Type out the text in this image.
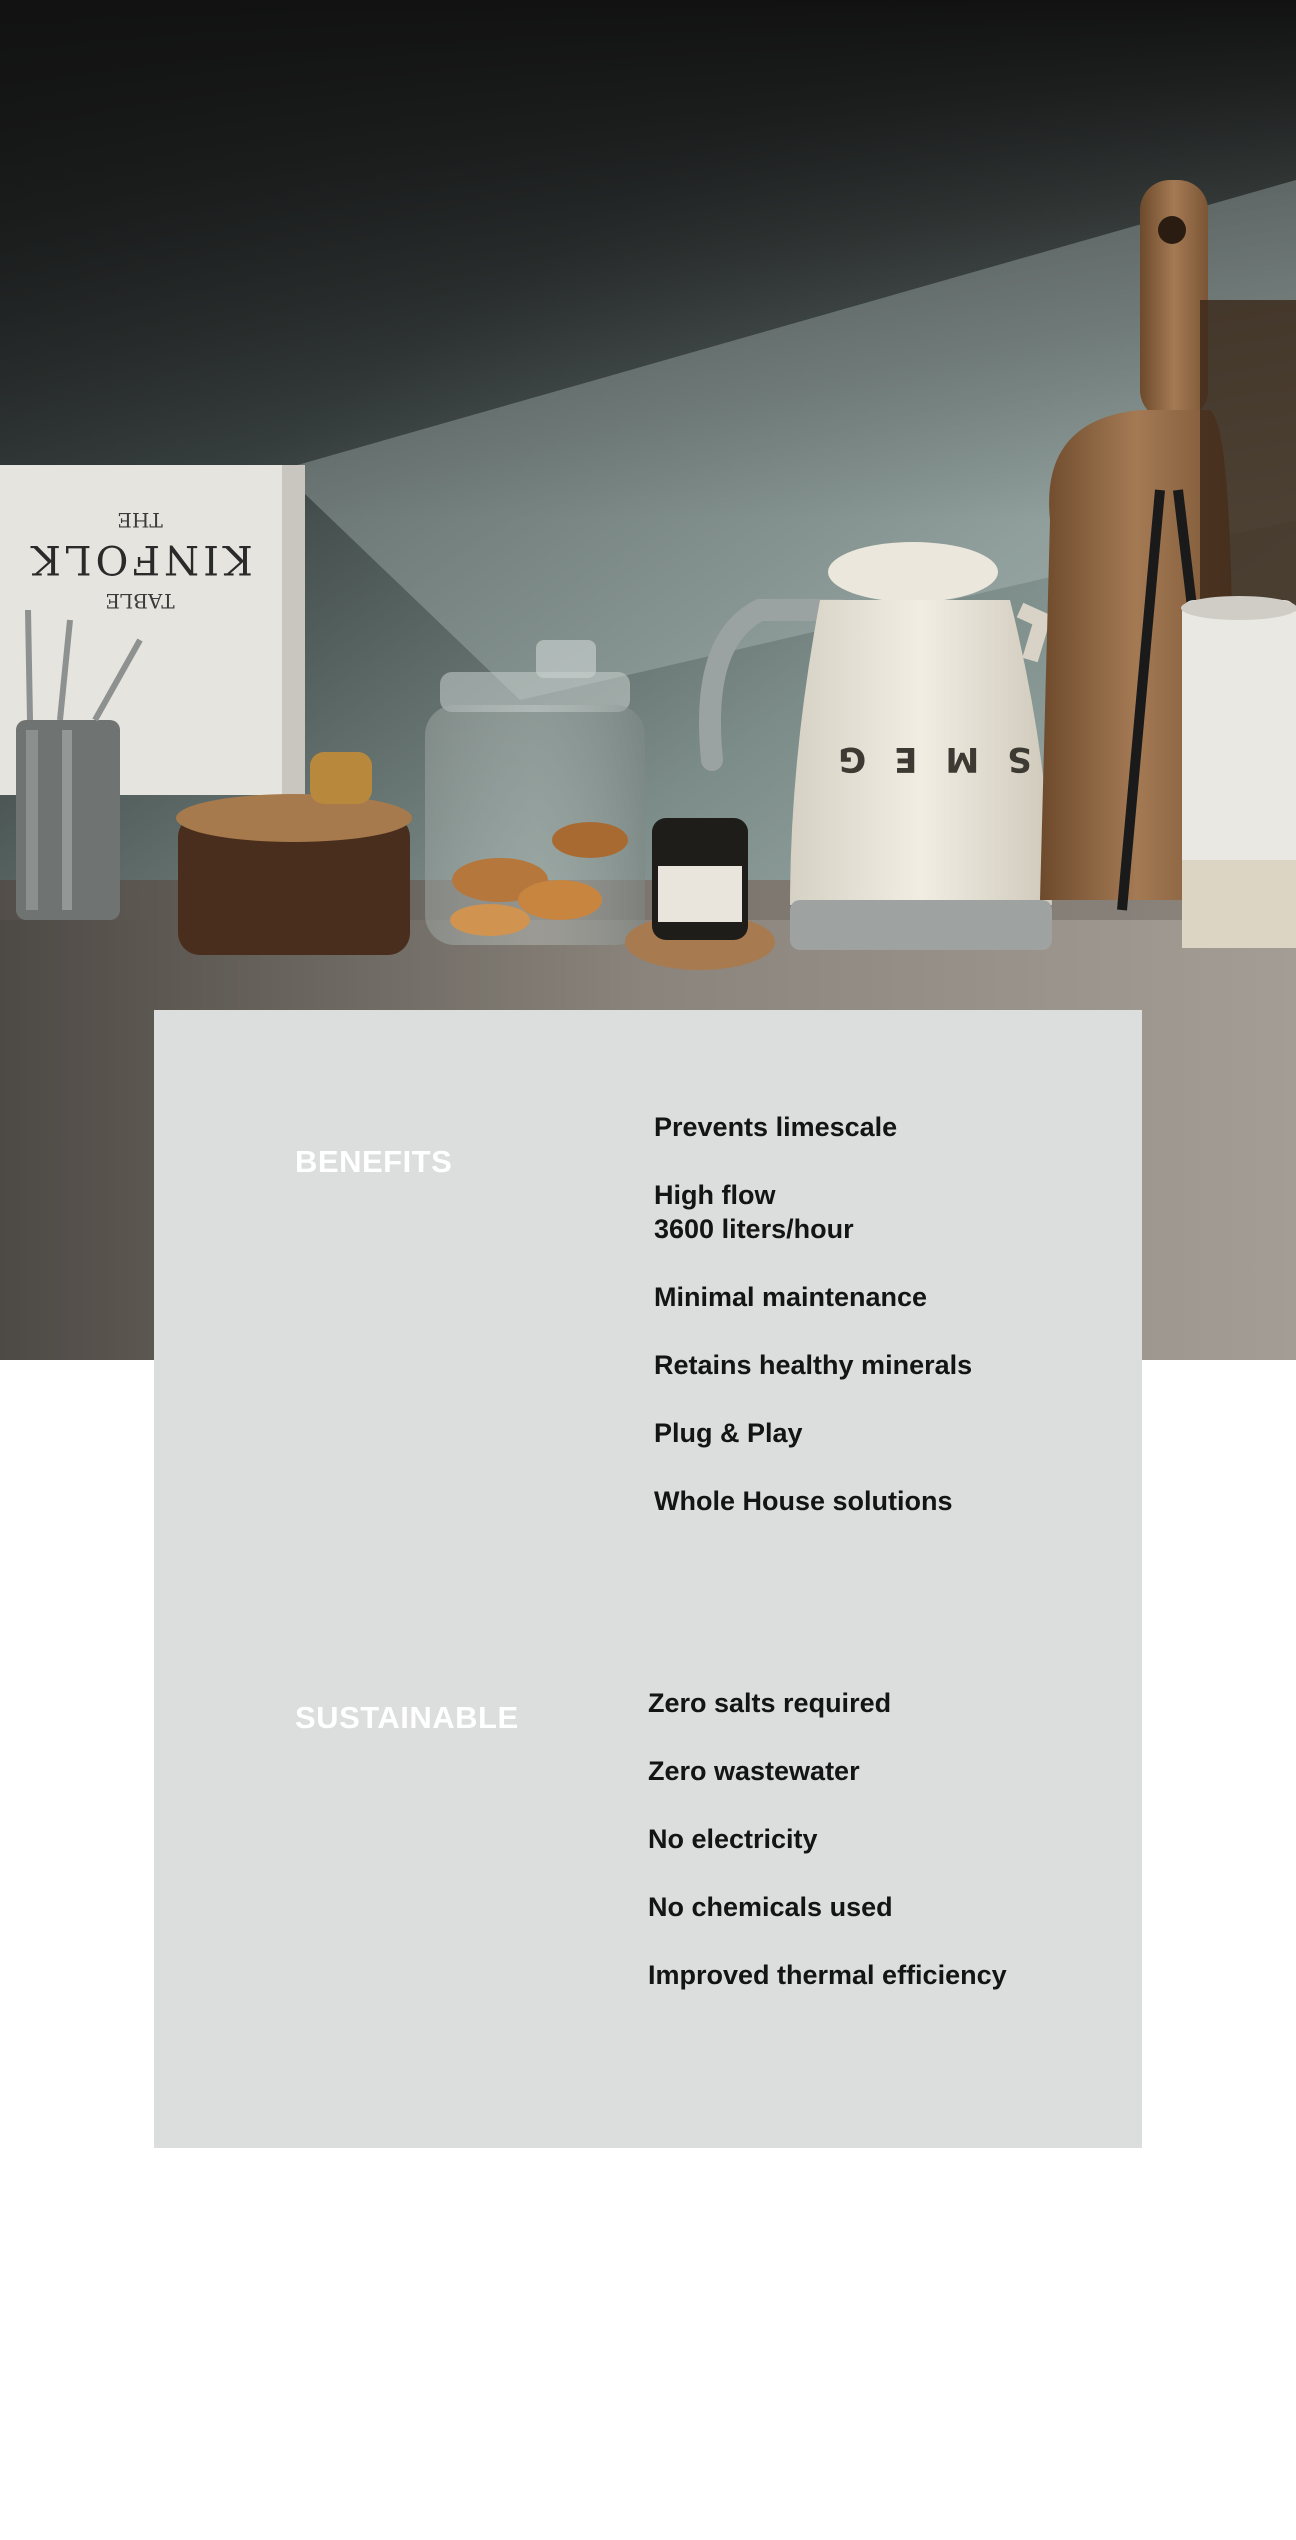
THE
KINFOLK
TABLE
SMEG
BENEFITS
Prevents limescale
High flow
3600 liters/hour
Minimal maintenance
Retains healthy minerals
Plug & Play
Whole House solutions
SUSTAINABLE	Zero salts required
Zero wastewater
No electricity
No chemicals used
Improved thermal efficiency
